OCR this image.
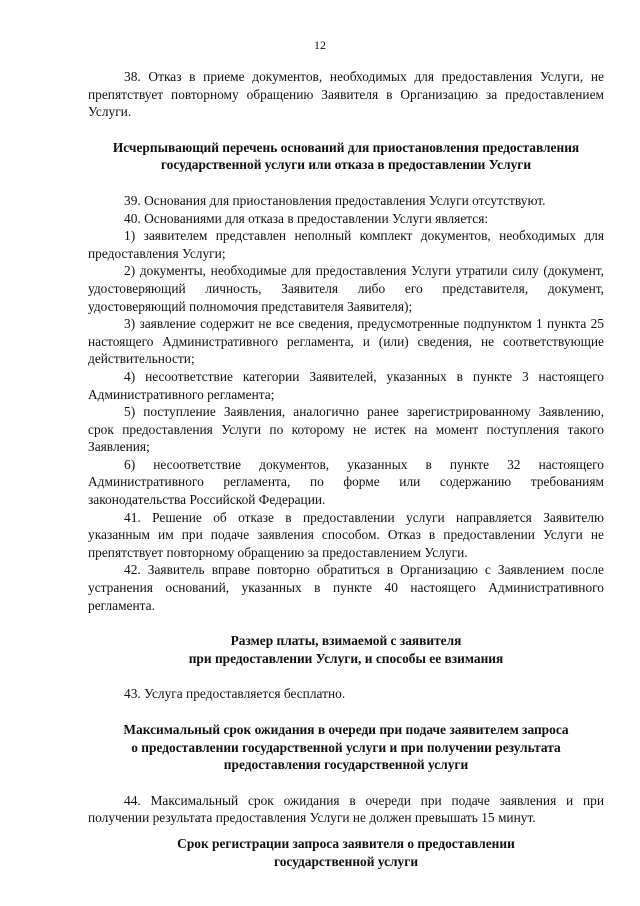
12

38. Отказ в приеме документов, необходимых для предоставления Услуги, не препятствует повторному обращению Заявителя в Организацию за предоставлением Услуги.

Исчерпывающий перечень оснований для приостановления предоставления

государственной услуги или отказа в предоставлении Услуги

39. Основания для приостановления предоставления Услуги отсутствуют.

40. Основаниями для отказа в предоставлении Услуги является:

1) заявителем представлен неполный комплект документов, необходимых для предоставления Услуги;

2) документы, необходимые для предоставления Услуги утратили силу (документ, удостоверяющий личность, Заявителя либо его представителя, документ, удостоверяющий полномочия представителя Заявителя);

3) заявление содержит не все сведения, предусмотренные подпунктом 1 пункта 25 настоящего Административного регламента, и (или) сведения, не соответствующие действительности;

4) несоответствие категории Заявителей, указанных в пункте 3 настоящего Административного регламента;

5) поступление Заявления, аналогично ранее зарегистрированному Заявлению, срок предоставления Услуги по которому не истек на момент поступления такого Заявления;

6) несоответствие документов, указанных в пункте 32 настоящего Административного регламента, по форме или содержанию требованиям законодательства Российской Федерации.

41. Решение об отказе в предоставлении услуги направляется Заявителю указанным им при подаче заявления способом. Отказ в предоставлении Услуги не препятствует повторному обращению за предоставлением Услуги.

42. Заявитель вправе повторно обратиться в Организацию с Заявлением после устранения оснований, указанных в пункте 40 настоящего Административного регламента.

Размер платы, взимаемой с заявителя

при предоставлении Услуги, и способы ее взимания

43. Услуга предоставляется бесплатно.

Максимальный срок ожидания в очереди при подаче заявителем запроса

о предоставлении государственной услуги и при получении результата

предоставления государственной услуги

44. Максимальный срок ожидания в очереди при подаче заявления и при получении результата предоставления Услуги не должен превышать 15 минут.

Срок регистрации запроса заявителя о предоставлении

государственной услуги
